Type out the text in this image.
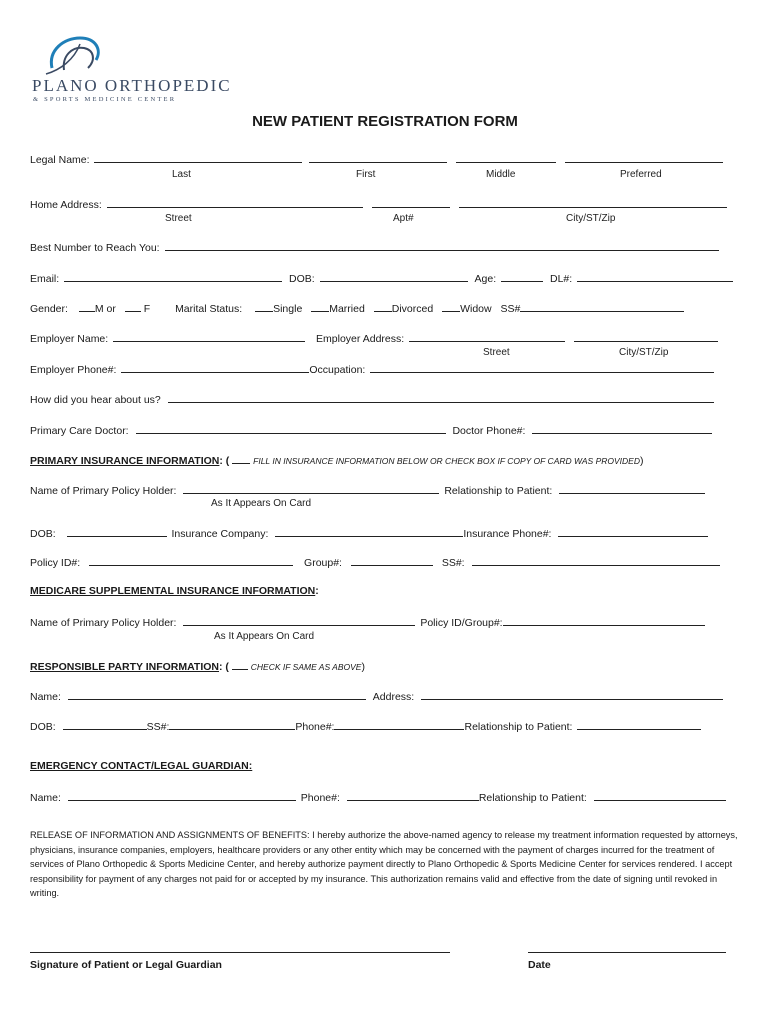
PLANO ORTHOPEDIC
& SPORTS MEDICINE CENTER
NEW PATIENT REGISTRATION FORM
Legal Name:
Last	First	Middle	Preferred
Home Address:
Street	Apt#	City/ST/Zip
Best Number to Reach You:
Email:	DOB:	Age:	DL#:
Gender:	M or	F Marital Status:	Single	Married	Divorced	Widow SS#
Employer Name:	Employer Address:
Street	City/ST/Zip
Employer Phone#:	Occupation:
How did you hear about us?
Primary Care Doctor:	Doctor Phone#:
PRIMARY INSURANCE INFORMATION: (	FILL IN INSURANCE INFORMATION BELOW OR CHECK BOX IF COPY OF CARD WAS PROVIDED)
Name of Primary Policy Holder:	Relationship to Patient:
As It Appears On Card
DOB:	Insurance Company:	Insurance Phone#:
Policy ID#:	Group#:	SS#:
MEDICARE SUPPLEMENTAL INSURANCE INFORMATION:
Name of Primary Policy Holder:	Policy ID/Group#:
As It Appears On Card
RESPONSIBLE PARTY INFORMATION: (	CHECK IF SAME AS ABOVE)
Name:	Address:
DOB:	SS#:	Phone#:	Relationship to Patient:
EMERGENCY CONTACT/LEGAL GUARDIAN:
Name:	Phone#:	Relationship to Patient:
RELEASE OF INFORMATION AND ASSIGNMENTS OF BENEFITS: I hereby authorize the above-named agency to release my treatment information requested by attorneys, physicians, insurance companies, employers, healthcare providers or any other entity which may be concerned with the payment of charges incurred for the treatment of services of Plano Orthopedic & Sports Medicine Center, and hereby authorize payment directly to Plano Orthopedic & Sports Medicine Center for services rendered. I accept responsibility for payment of any charges not paid for or accepted by my insurance. This authorization remains valid and effective from the date of signing until revoked in writing.
Signature of Patient or Legal Guardian	Date
